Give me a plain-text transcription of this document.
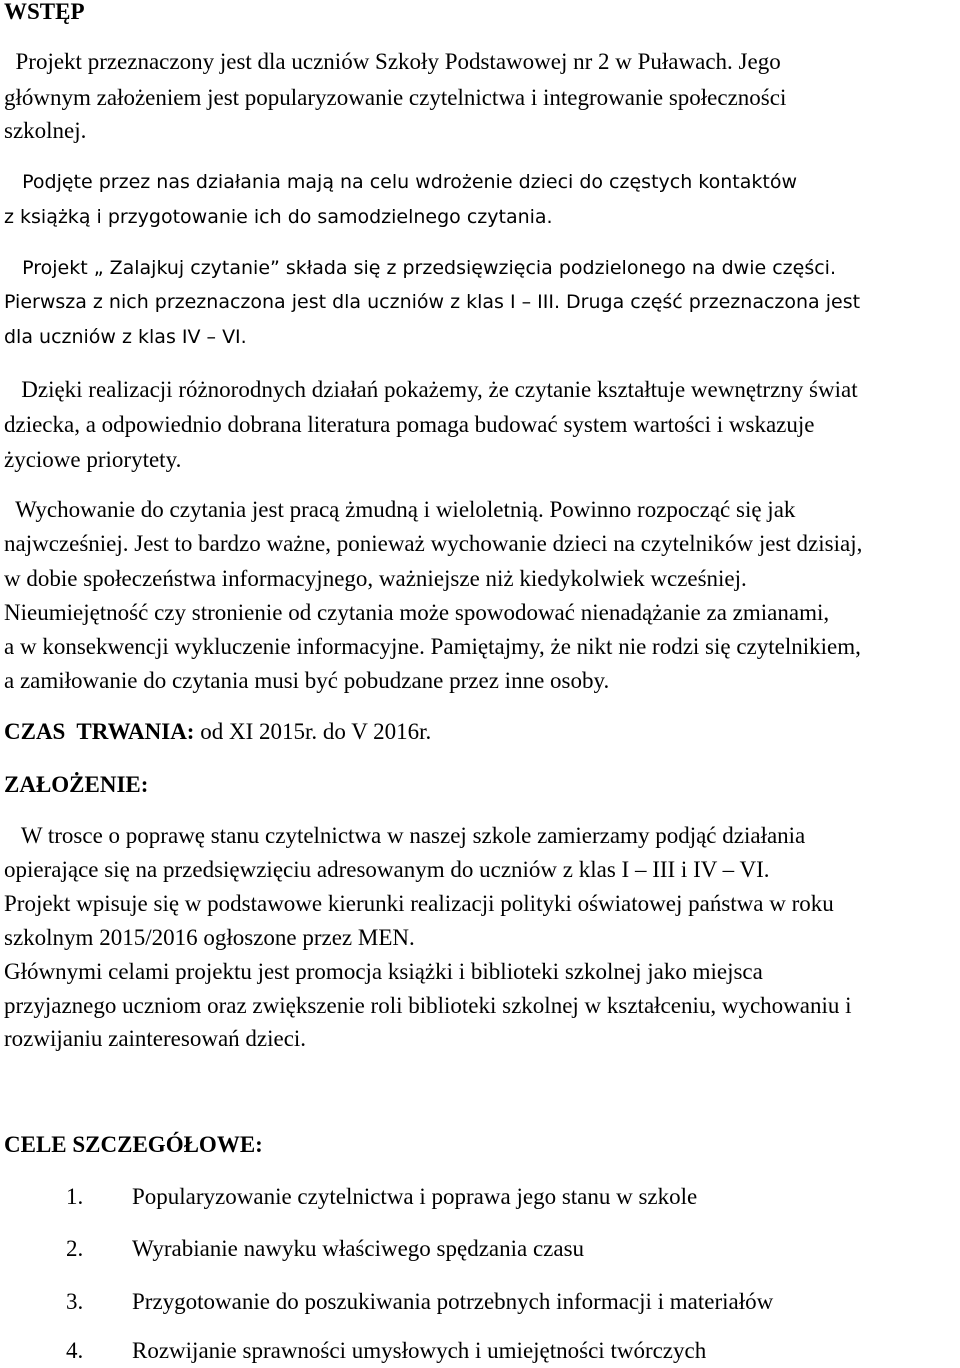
WSTĘP
Projekt przeznaczony jest dla uczniów Szkoły Podstawowej nr 2 w Puławach. Jego
głównym założeniem jest popularyzowanie czytelnictwa i integrowanie społeczności
szkolnej.
Podjęte przez nas działania mają na celu wdrożenie dzieci do częstych kontaktów
z książką i przygotowanie ich do samodzielnego czytania.
Projekt „ Zalajkuj czytanie” składa się z przedsięwzięcia podzielonego na dwie części.
Pierwsza z nich przeznaczona jest dla uczniów z klas I – III. Druga część przeznaczona jest
dla uczniów z klas IV – VI.
Dzięki realizacji różnorodnych działań pokażemy, że czytanie kształtuje wewnętrzny świat
dziecka, a odpowiednio dobrana literatura pomaga budować system wartości i wskazuje
życiowe priorytety.
Wychowanie do czytania jest pracą żmudną i wieloletnią. Powinno rozpocząć się jak
najwcześniej. Jest to bardzo ważne, ponieważ wychowanie dzieci na czytelników jest dzisiaj,
w dobie społeczeństwa informacyjnego, ważniejsze niż kiedykolwiek wcześniej.
Nieumiejętność czy stronienie od czytania może spowodować nienadążanie za zmianami,
a w konsekwencji wykluczenie informacyjne. Pamiętajmy, że nikt nie rodzi się czytelnikiem,
a zamiłowanie do czytania musi być pobudzane przez inne osoby.
CZAS  TRWANIA: od XI 2015r. do V 2016r.
ZAŁOŻENIE:
W trosce o poprawę stanu czytelnictwa w naszej szkole zamierzamy podjąć działania
opierające się na przedsięwzięciu adresowanym do uczniów z klas I – III i IV – VI.
Projekt wpisuje się w podstawowe kierunki realizacji polityki oświatowej państwa w roku
szkolnym 2015/2016 ogłoszone przez MEN.
Głównymi celami projektu jest promocja książki i biblioteki szkolnej jako miejsca
przyjaznego uczniom oraz zwiększenie roli biblioteki szkolnej w kształceniu, wychowaniu i
rozwijaniu zainteresowań dzieci.
CELE SZCZEGÓŁOWE:
1. Popularyzowanie czytelnictwa i poprawa jego stanu w szkole
2. Wyrabianie nawyku właściwego spędzania czasu
3. Przygotowanie do poszukiwania potrzebnych informacji i materiałów
4. Rozwijanie sprawności umysłowych i umiejętności twórczych
